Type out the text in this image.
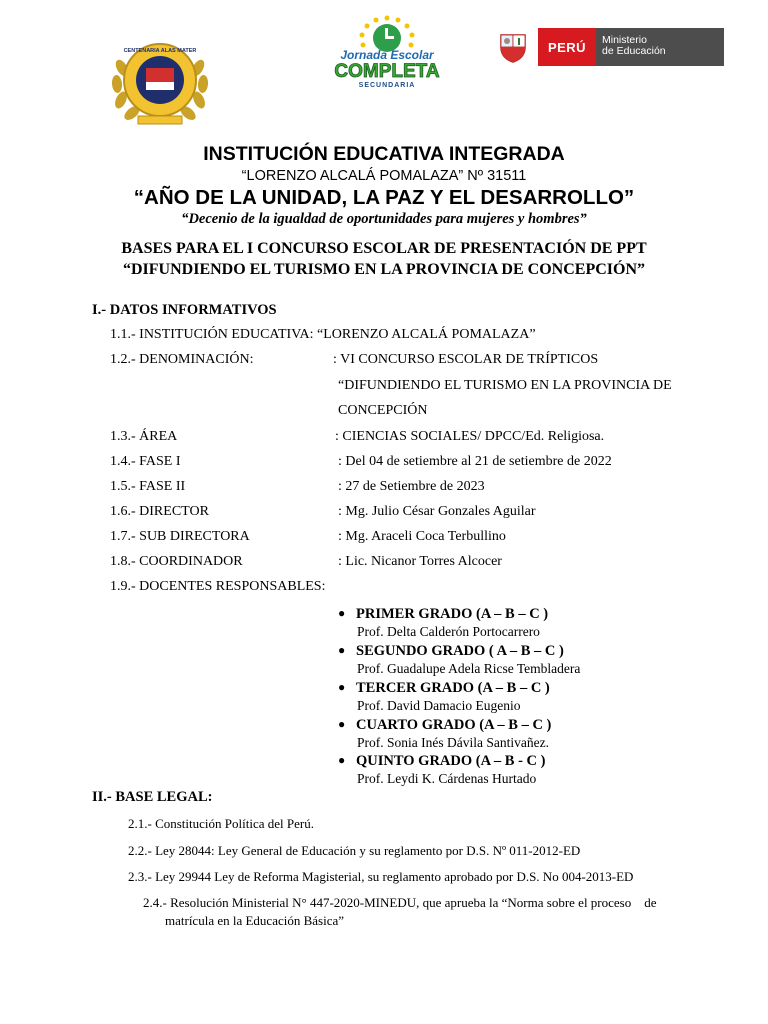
Jornada Escolar
COMPLETA
SECUNDARIA
PERÚ	Ministerio
de Educación
INSTITUCIÓN EDUCATIVA INTEGRADA
“LORENZO ALCALÁ POMALAZA” Nº 31511
“AÑO DE LA UNIDAD, LA PAZ Y EL DESARROLLO”
“Decenio de la igualdad de oportunidades para mujeres y hombres”
BASES PARA EL I CONCURSO ESCOLAR DE PRESENTACIÓN DE PPT
“DIFUNDIENDO EL TURISMO EN LA PROVINCIA DE CONCEPCIÓN”
I.- DATOS INFORMATIVOS
1.1.- INSTITUCIÓN EDUCATIVA: “LORENZO ALCALÁ POMALAZA”
1.2.- DENOMINACIÓN:	: VI CONCURSO ESCOLAR DE TRÍPTICOS
“DIFUNDIENDO EL TURISMO EN LA PROVINCIA DE
CONCEPCIÓN
1.3.- ÁREA	: CIENCIAS SOCIALES/ DPCC/Ed. Religiosa.
1.4.- FASE I	: Del 04 de setiembre al 21 de setiembre de 2022
1.5.- FASE II	: 27 de Setiembre de 2023
1.6.- DIRECTOR	: Mg. Julio César Gonzales Aguilar
1.7.- SUB DIRECTORA	: Mg. Araceli Coca Terbullino
1.8.- COORDINADOR	: Lic. Nicanor Torres Alcocer
1.9.- DOCENTES RESPONSABLES:
● PRIMER GRADO (A – B – C )
Prof. Delta Calderón Portocarrero
● SEGUNDO GRADO ( A – B – C )
Prof. Guadalupe Adela Ricse Tembladera
● TERCER GRADO (A – B – C )
Prof. David Damacio Eugenio
● CUARTO GRADO (A – B – C )
Prof. Sonia Inés Dávila Santivañez.
● QUINTO GRADO (A – B - C )
Prof. Leydi K. Cárdenas Hurtado
II.- BASE LEGAL:
2.1.- Constitución Política del Perú.
2.2.- Ley 28044: Ley General de Educación y su reglamento por D.S. Nº 011-2012-ED
2.3.- Ley 29944 Ley de Reforma Magisterial, su reglamento aprobado por D.S. No 004-2013-ED
2.4.- Resolución Ministerial N° 447-2020-MINEDU, que aprueba la “Norma sobre el proceso    de
matrícula en la Educación Básica”
CENTENARIA ALAS MATER
